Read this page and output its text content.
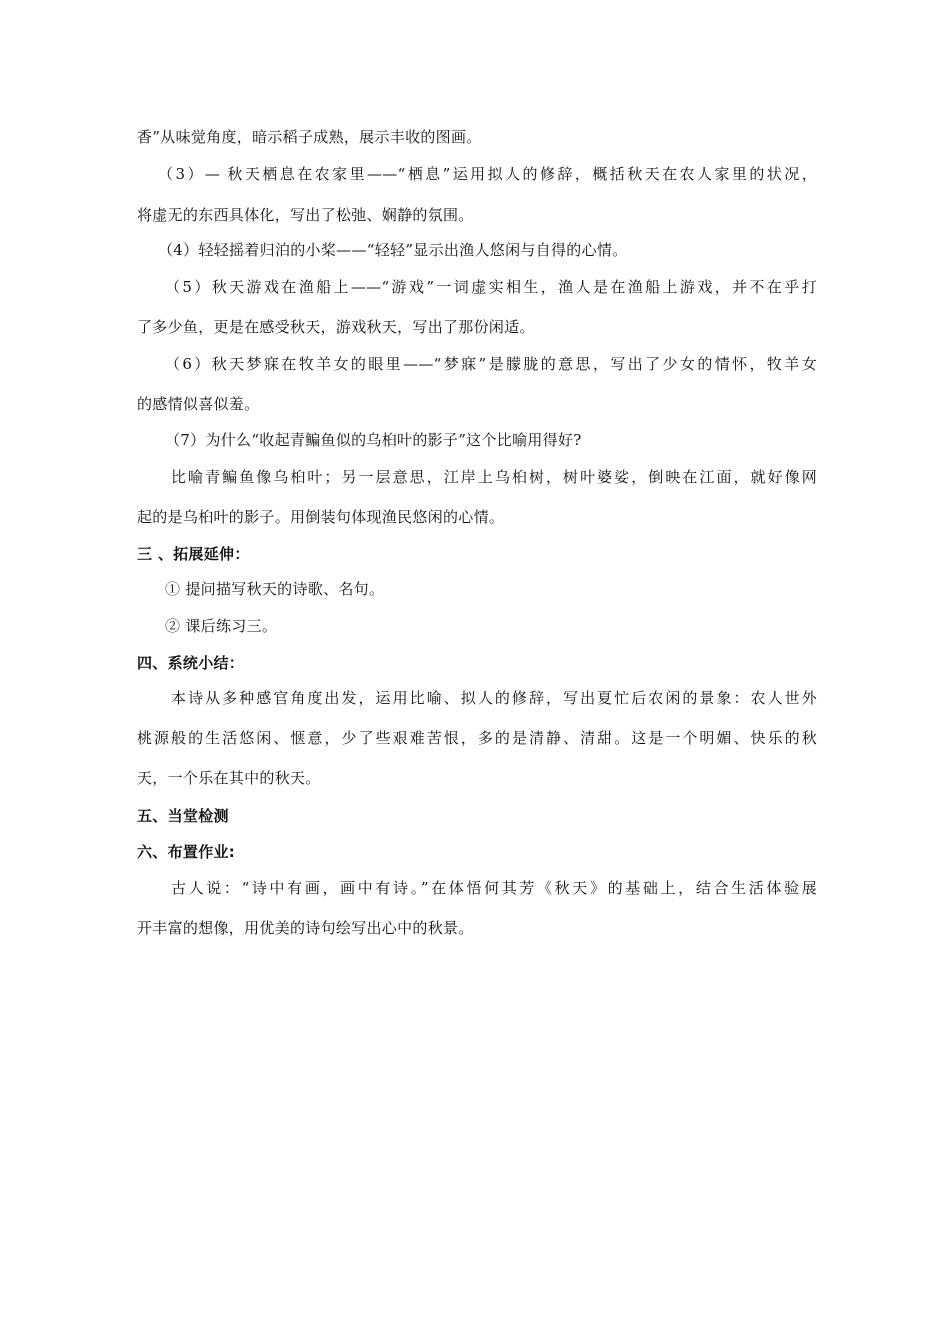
香”从味觉角度，暗示稻子成熟，展示丰收的图画。
（3）— 秋天栖息在农家里——“栖息”运用拟人的修辞，概括秋天在农人家里的状况，
将虚无的东西具体化，写出了松弛、娴静的氛围。
（4）轻轻摇着归泊的小桨——“轻轻”显示出渔人悠闲与自得的心情。
（5）秋天游戏在渔船上——“游戏”一词虚实相生，渔人是在渔船上游戏，并不在乎打
了多少鱼，更是在感受秋天，游戏秋天，写出了那份闲适。
（6）秋天梦寐在牧羊女的眼里——“梦寐”是朦胧的意思，写出了少女的情怀，牧羊女
的感情似喜似羞。
（7）为什么“收起青鳊鱼似的乌桕叶的影子”这个比喻用得好?
比喻青鳊鱼像乌桕叶；另一层意思，江岸上乌桕树，树叶婆娑，倒映在江面，就好像网
起的是乌桕叶的影子。用倒装句体现渔民悠闲的心情。
三 、拓展延伸：
① 提问描写秋天的诗歌、名句。
② 课后练习三。
四、系统小结：
本诗从多种感官角度出发，运用比喻、拟人的修辞，写出夏忙后农闲的景象：农人世外
桃源般的生活悠闲、惬意，少了些艰难苦恨，多的是清静、清甜。这是一个明媚、快乐的秋
天，一个乐在其中的秋天。
五、当堂检测
六、布置作业:
古人说：“诗中有画，画中有诗。”在体悟何其芳《秋天》的基础上，结合生活体验展
开丰富的想像，用优美的诗句绘写出心中的秋景。
